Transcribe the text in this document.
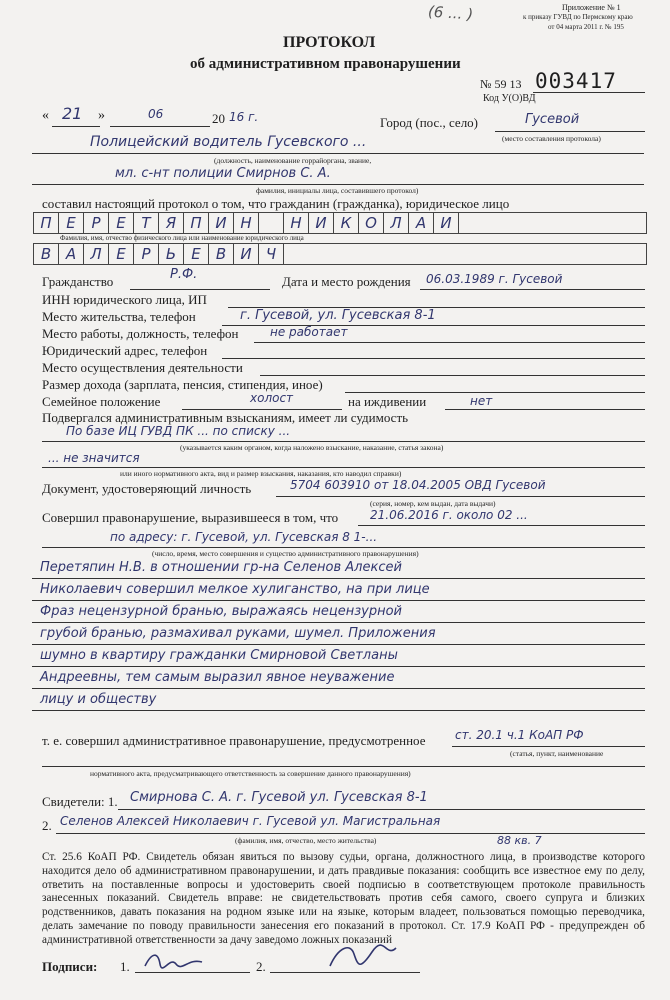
(6 ... )	Приложение № 1
к приказу ГУВД по Пермскому краю
от 04 марта 2011 г. № 195
ПРОТОКОЛ
об административном правонарушении
№ 59 13 003417
Код У(О)ВД
« 21 »	06	20 16 г.	Город (пос., село)	Гусевой
(место составления протокола)
Полицейский водитель Гусевского ...
(должность, наименование горрайоргана, звание,
мл. с-нт полиции Смирнов С. А.
фамилия, инициалы лица, составившего протокол)
составил настоящий протокол о том, что гражданин (гражданка), юридическое лицо
П Е	Р	Е	Т	Я П И Н	Н И К О Л А И
Фамилия, имя, отчество физического лица или наименование юридического лица
В А Л Е	Р	Ь	Е	В И Ч
Гражданство	Р.Ф.	Дата и место рождения 06.03.1989 г. Гусевой
ИНН юридического лица, ИП
Место жительства, телефон	г. Гусевой, ул. Гусевская 8-1
Место работы, должность, телефон	не работает
Юридический адрес, телефон
Место осуществления деятельности
Размер дохода (зарплата, пенсия, стипендия, иное)
Семейное положение	холост	на иждивении	нет
Подвергался административным взысканиям, имеет ли судимость
По базе ИЦ ГУВД ПК ... по списку ...
(указывается каким органом, когда наложено взыскание, наказание, статья закона)
... не значится
или иного нормативного акта, вид и размер взыскания, наказания, кто наводил справки)
Документ, удостоверяющий личность	5704 603910 от 18.04.2005 ОВД Гусевой
(серия, номер, кем выдан, дата выдачи)
Совершил правонарушение, выразившееся в том, что	21.06.2016 г. около 02 ...
по адресу: г. Гусевой, ул. Гусевская 8 1-...
(число, время, место совершения и существо административного правонарушения)
Перетяпин Н.В. в отношении гр-на Селенов Алексей
Николаевич совершил мелкое хулиганство, на при лице
Фраз нецензурной бранью, выражаясь нецензурной
грубой бранью, размахивал руками, шумел. Приложения
шумно в квартиру гражданки Смирновой Светланы
Андреевны, тем самым выразил явное неуважение
лицу и обществу
т. е. совершил административное правонарушение, предусмотренное ст. 20.1 ч.1 КоАП РФ
(статья, пункт, наименование
нормативного акта, предусматривающего ответственность за совершение данного правонарушения)
Свидетели: 1. Смирнова С. А. г. Гусевой ул. Гусевская 8-1
2. Селенов Алексей Николаевич г. Гусевой ул. Магистральная
(фамилия, имя, отчество, место жительства)	88 кв. 7
Ст. 25.6 КоАП РФ. Свидетель обязан явиться по вызову судьи, органа, должностного лица, в производстве которого находится дело об административном правонарушении, и дать правдивые показания: сообщить все известное ему по делу, ответить на поставленные вопросы и удостоверить своей подписью в соответствующем протоколе правильность занесенных показаний. Свидетель вправе: не свидетельствовать против себя самого, своего супруга и близких родственников, давать показания на родном языке или на языке, которым владеет, пользоваться помощью переводчика, делать замечание по поводу правильности занесения его показаний в протокол. Ст. 17.9 КоАП РФ - предупрежден об административной ответственности за дачу заведомо ложных показаний
Подписи: 1.	2.
